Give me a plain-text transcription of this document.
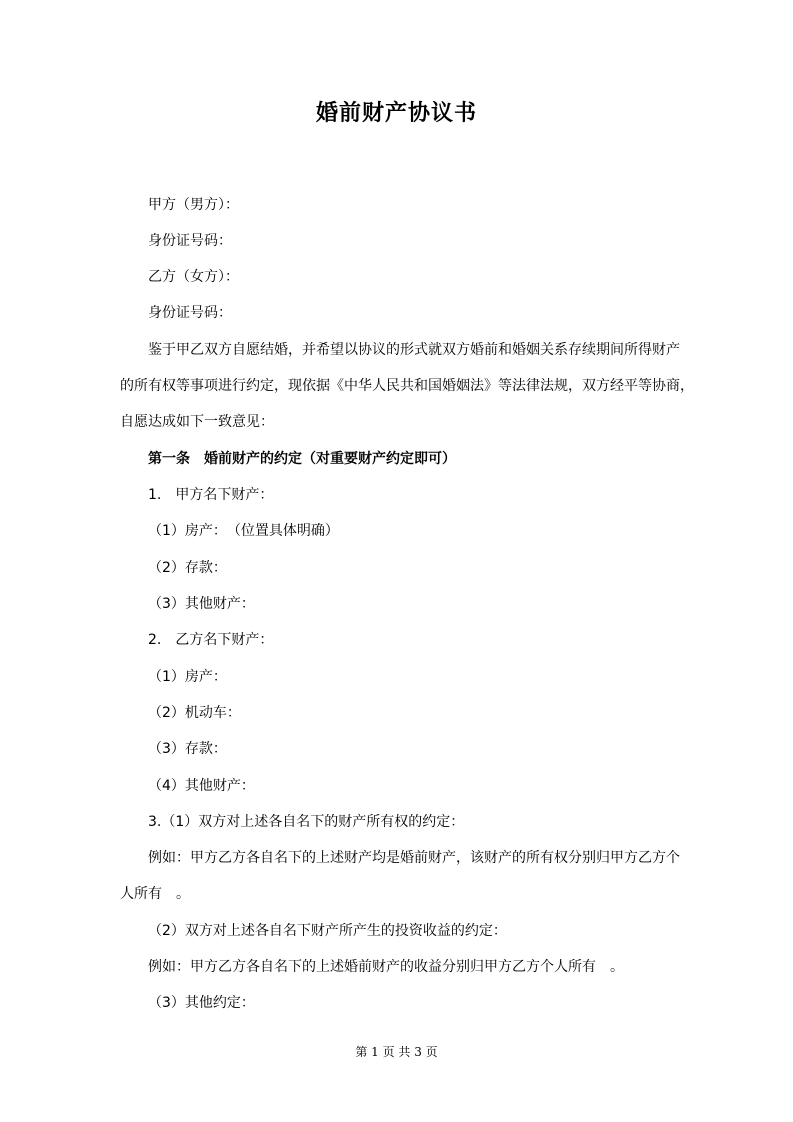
婚前财产协议书
甲方（男方）：
身份证号码：
乙方（女方）：
身份证号码：
鉴于甲乙双方自愿结婚，并希望以协议的形式就双方婚前和婚姻关系存续期间所得财产
的所有权等事项进行约定，现依据《中华人民共和国婚姻法》等法律法规，双方经平等协商，
自愿达成如下一致意见：
第一条　婚前财产的约定（对重要财产约定即可）
1.　甲方名下财产：
（1）房产：　（位置具体明确）
（2）存款：
（3）其他财产：
2.　乙方名下财产：
（1）房产：
（2）机动车：
（3）存款：
（4）其他财产：
3.（1）双方对上述各自名下的财产所有权的约定：
例如：甲方乙方各自名下的上述财产均是婚前财产，该财产的所有权分别归甲方乙方个
人所有　。
（2）双方对上述各自名下财产所产生的投资收益的约定：
例如：甲方乙方各自名下的上述婚前财产的收益分别归甲方乙方个人所有　。
（3）其他约定：
第 1 页 共 3 页
